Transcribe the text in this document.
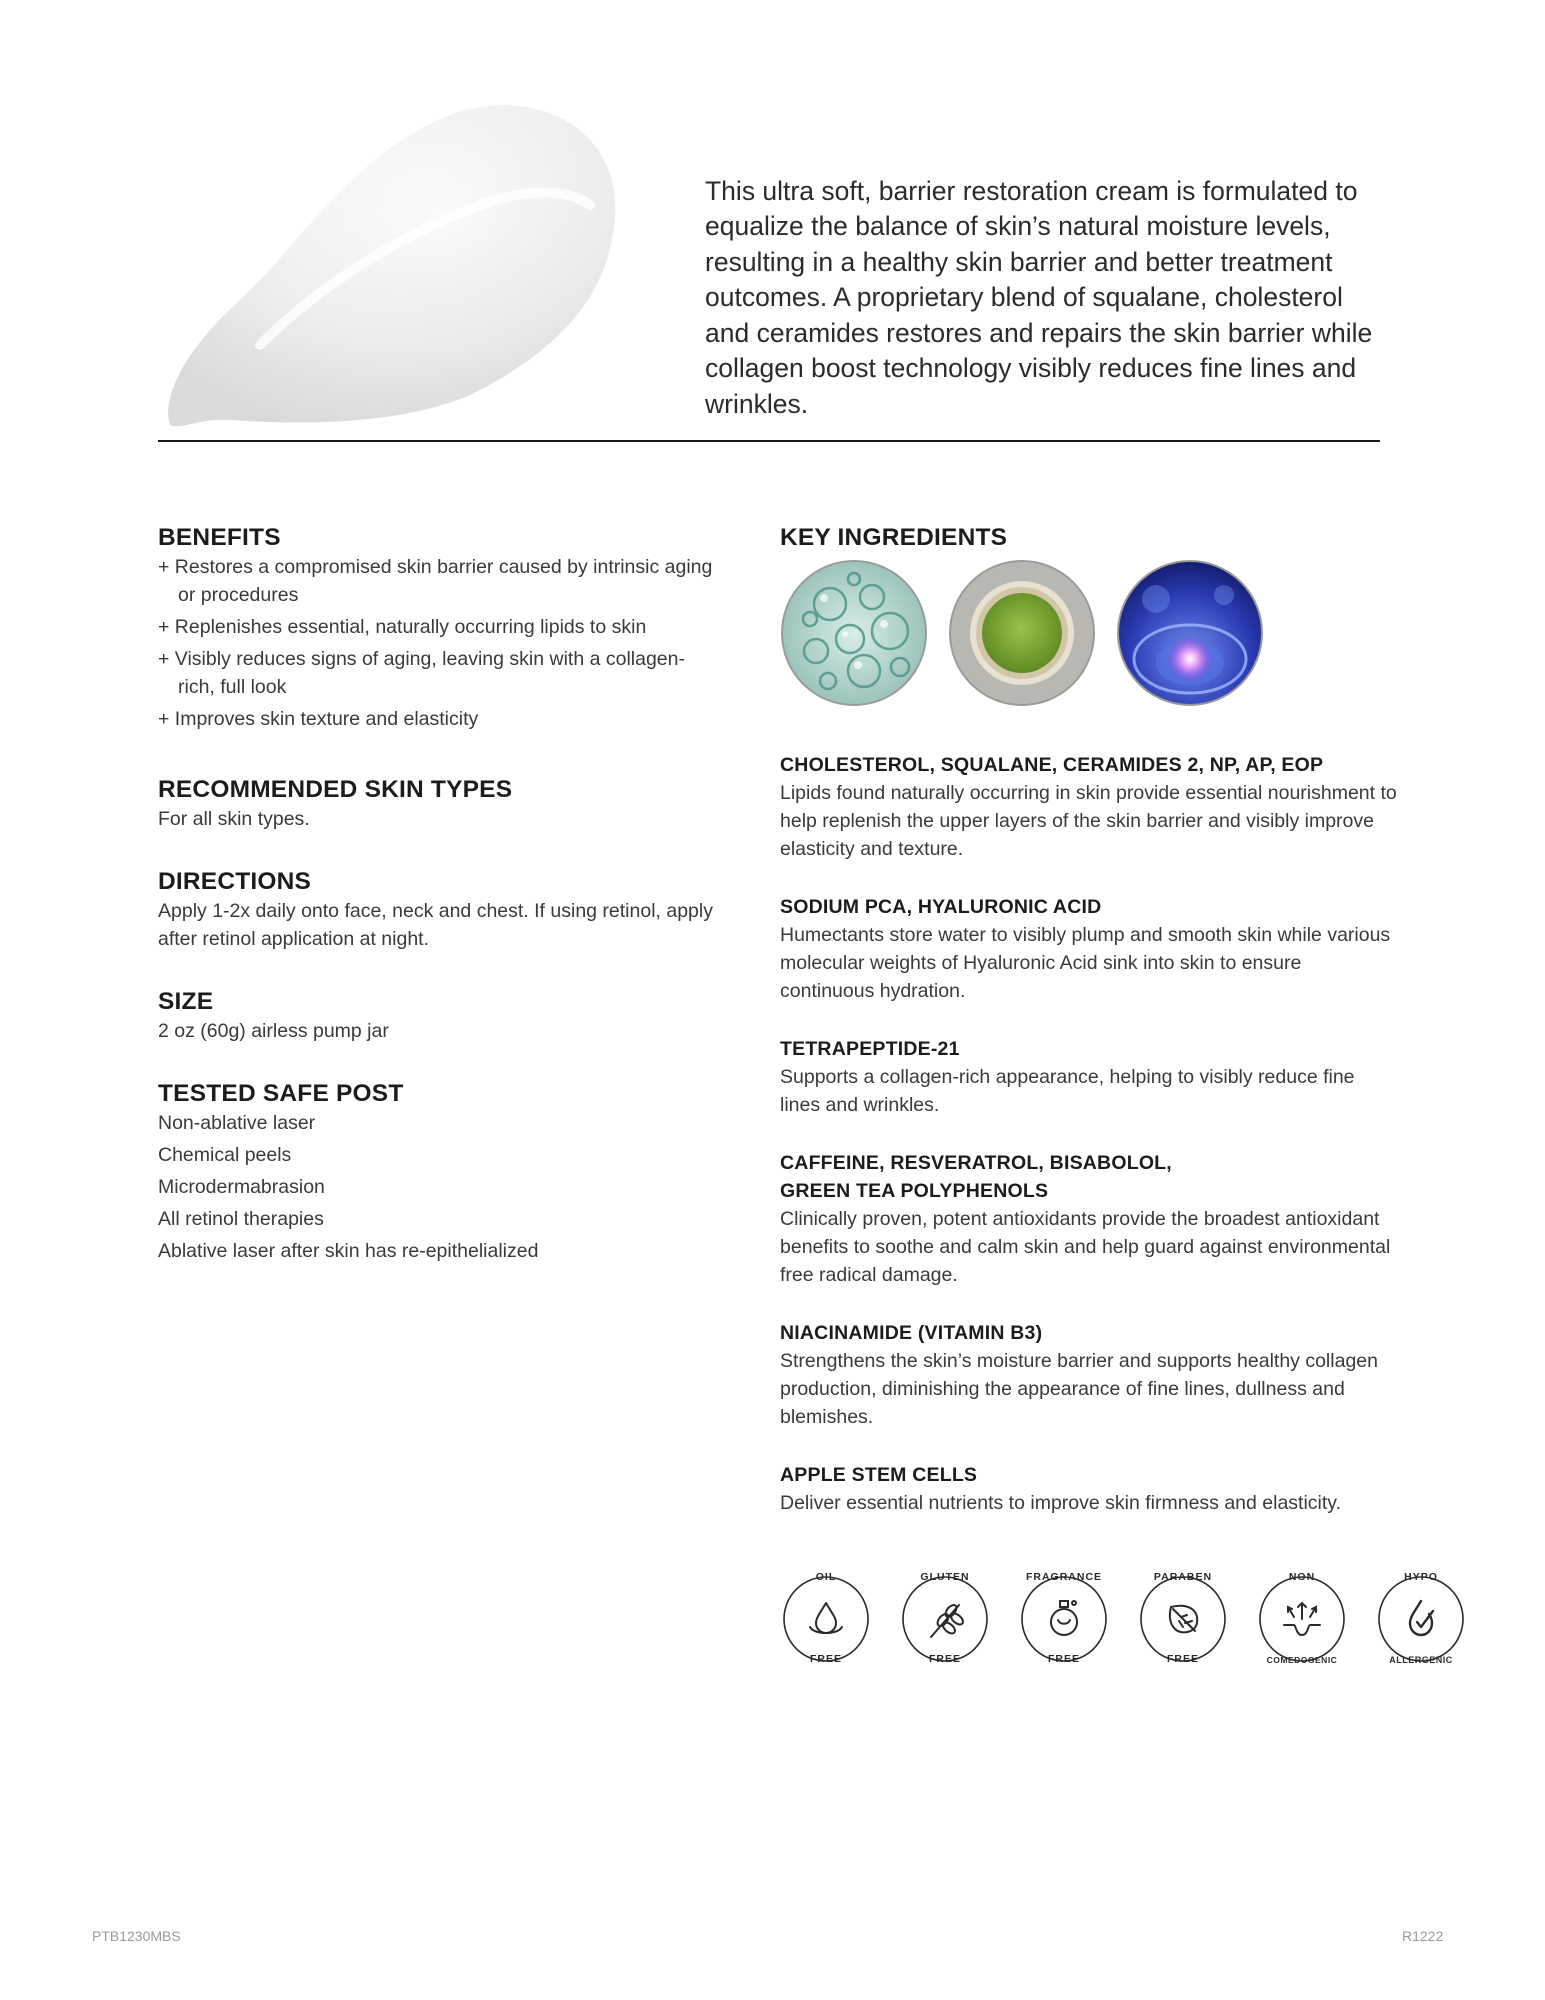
This ultra soft, barrier restoration cream is formulated to equalize the balance of skin’s natural moisture levels, resulting in a healthy skin barrier and better treatment outcomes. A proprietary blend of squalane, cholesterol and ceramides restores and repairs the skin barrier while collagen boost technology visibly reduces fine lines and wrinkles.

BENEFITS
+ Restores a compromised skin barrier caused by intrinsic aging or procedures
+ Replenishes essential, naturally occurring lipids to skin
+ Visibly reduces signs of aging, leaving skin with a collagen-rich, full look
+ Improves skin texture and elasticity
RECOMMENDED SKIN TYPES

For all skin types.

DIRECTIONS

Apply 1-2x daily onto face, neck and chest. If using retinol, apply after retinol application at night.

SIZE

2 oz (60g) airless pump jar

TESTED SAFE POST
Non-ablative laser
Chemical peels
Microdermabrasion
All retinol therapies
Ablative laser after skin has re-epithelialized
KEY INGREDIENTS
CHOLESTEROL, SQUALANE, CERAMIDES 2, NP, AP, EOP

Lipids found naturally occurring in skin provide essential nourishment to help replenish the upper layers of the skin barrier and visibly improve elasticity and texture.

SODIUM PCA, HYALURONIC ACID

Humectants store water to visibly plump and smooth skin while various molecular weights of Hyaluronic Acid sink into skin to ensure continuous hydration.

TETRAPEPTIDE-21

Supports a collagen-rich appearance, helping to visibly reduce fine lines and wrinkles.

CAFFEINE, RESVERATROL, BISABOLOL,
GREEN TEA POLYPHENOLS

Clinically proven, potent antioxidants provide the broadest antioxidant benefits to soothe and calm skin and help guard against environmental free radical damage.

NIACINAMIDE (VITAMIN B3)

Strengthens the skin’s moisture barrier and supports healthy collagen production, diminishing the appearance of fine lines, dullness and blemishes.

APPLE STEM CELLS

Deliver essential nutrients to improve skin firmness and elasticity.

OIL
FREE
GLUTEN
FREE
FRAGRANCE
FREE
PARABEN
FREE
NON
COMEDOGENIC
HYPO
ALLERGENIC
PTB1230MBS	R1222
